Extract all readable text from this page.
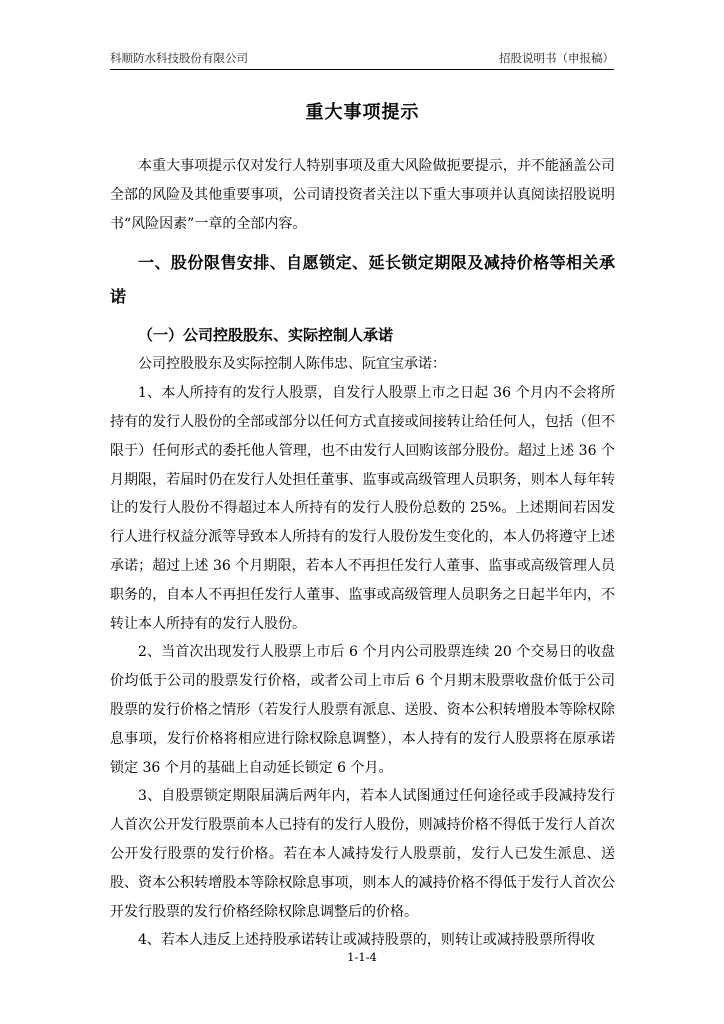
科顺防水科技股份有限公司	招股说明书（申报稿）
重大事项提示

本重大事项提示仅对发行人特别事项及重大风险做扼要提示，并不能涵盖公司全部的风险及其他重要事项，公司请投资者关注以下重大事项并认真阅读招股说明书“风险因素”一章的全部内容。

一、股份限售安排、自愿锁定、延长锁定期限及减持价格等相关承诺
（一）公司控股股东、实际控制人承诺

公司控股股东及实际控制人陈伟忠、阮宜宝承诺：

1、本人所持有的发行人股票，自发行人股票上市之日起 36 个月内不会将所持有的发行人股份的全部或部分以任何方式直接或间接转让给任何人，包括（但不限于）任何形式的委托他人管理，也不由发行人回购该部分股份。超过上述 36 个月期限，若届时仍在发行人处担任董事、监事或高级管理人员职务，则本人每年转让的发行人股份不得超过本人所持有的发行人股份总数的 25%。上述期间若因发行人进行权益分派等导致本人所持有的发行人股份发生变化的，本人仍将遵守上述承诺；超过上述 36 个月期限，若本人不再担任发行人董事、监事或高级管理人员职务的，自本人不再担任发行人董事、监事或高级管理人员职务之日起半年内，不转让本人所持有的发行人股份。

2、当首次出现发行人股票上市后 6 个月内公司股票连续 20 个交易日的收盘价均低于公司的股票发行价格，或者公司上市后 6 个月期末股票收盘价低于公司股票的发行价格之情形（若发行人股票有派息、送股、资本公积转增股本等除权除息事项，发行价格将相应进行除权除息调整），本人持有的发行人股票将在原承诺锁定 36 个月的基础上自动延长锁定 6 个月。

3、自股票锁定期限届满后两年内，若本人试图通过任何途径或手段减持发行人首次公开发行股票前本人已持有的发行人股份，则减持价格不得低于发行人首次公开发行股票的发行价格。若在本人减持发行人股票前，发行人已发生派息、送股、资本公积转增股本等除权除息事项，则本人的减持价格不得低于发行人首次公开发行股票的发行价格经除权除息调整后的价格。

4、若本人违反上述持股承诺转让或减持股票的，则转让或减持股票所得收

1-1-4
